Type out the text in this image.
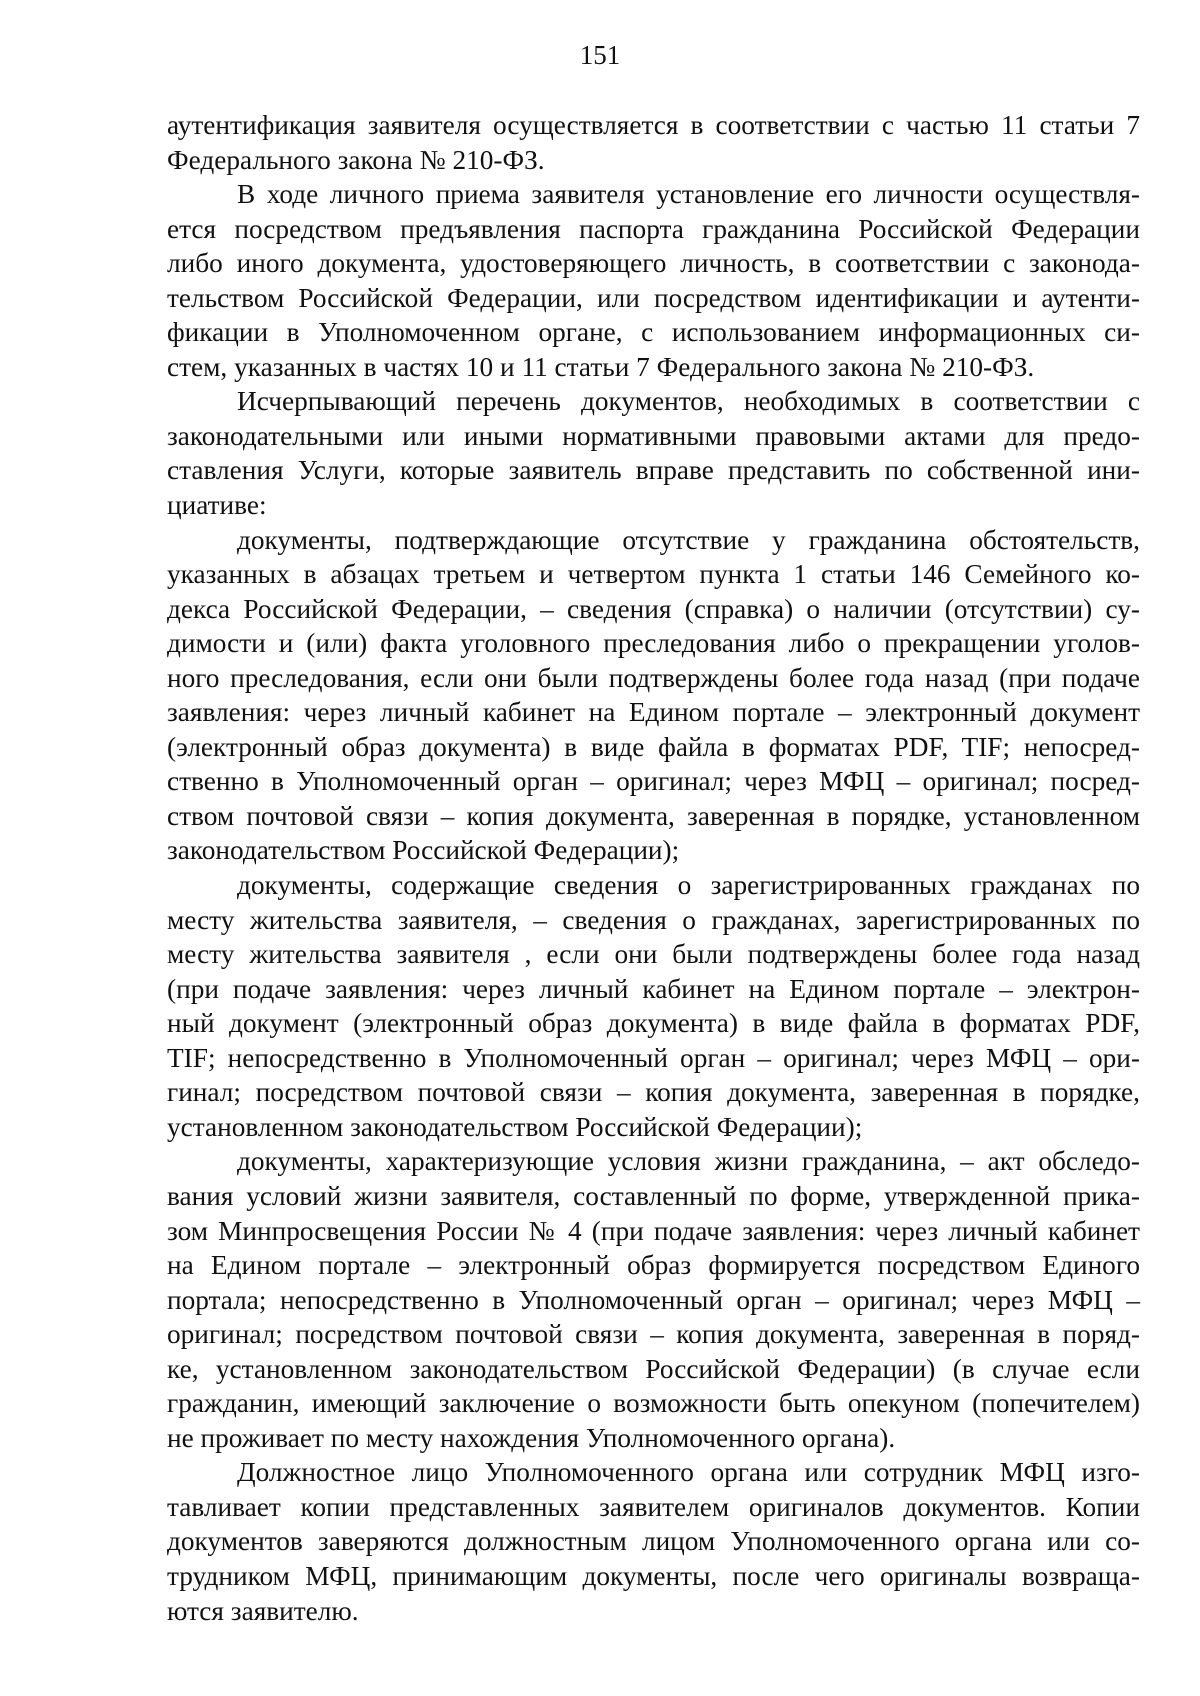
151

аутентификация заявителя осуществляется в соответствии с частью 11 статьи 7
Федерального закона № 210-ФЗ.

В ходе личного приема заявителя установление его личности осуществля-
ется посредством предъявления паспорта гражданина Российской Федерации
либо иного документа, удостоверяющего личность, в соответствии с законода-
тельством Российской Федерации, или посредством идентификации и аутенти-
фикации в Уполномоченном органе, с использованием информационных си-
стем, указанных в частях 10 и 11 статьи 7 Федерального закона № 210-ФЗ.

Исчерпывающий перечень документов, необходимых в соответствии с
законодательными или иными нормативными правовыми актами для предо-
ставления Услуги, которые заявитель вправе представить по собственной ини-
циативе:

документы, подтверждающие отсутствие у гражданина обстоятельств,
указанных в абзацах третьем и четвертом пункта 1 статьи 146 Семейного ко-
декса Российской Федерации, – сведения (справка) о наличии (отсутствии) су-
димости и (или) факта уголовного преследования либо о прекращении уголов-
ного преследования, если они были подтверждены более года назад (при подаче
заявления: через личный кабинет на Едином портале – электронный документ
(электронный образ документа) в виде файла в форматах PDF, TIF; непосред-
ственно в Уполномоченный орган – оригинал; через МФЦ – оригинал; посред-
ством почтовой связи – копия документа, заверенная в порядке, установленном
законодательством Российской Федерации);

документы, содержащие сведения о зарегистрированных гражданах по
месту жительства заявителя, – сведения о гражданах, зарегистрированных по
месту жительства заявителя , если они были подтверждены более года назад
(при подаче заявления: через личный кабинет на Едином портале – электрон-
ный документ (электронный образ документа) в виде файла в форматах PDF,
TIF; непосредственно в Уполномоченный орган – оригинал; через МФЦ – ори-
гинал; посредством почтовой связи – копия документа, заверенная в порядке,
установленном законодательством Российской Федерации);

документы, характеризующие условия жизни гражданина, – акт обследо-
вания условий жизни заявителя, составленный по форме, утвержденной прика-
зом Минпросвещения России № 4 (при подаче заявления: через личный кабинет
на Едином портале – электронный образ формируется посредством Единого
портала; непосредственно в Уполномоченный орган – оригинал; через МФЦ –
оригинал; посредством почтовой связи – копия документа, заверенная в поряд-
ке, установленном законодательством Российской Федерации) (в случае если
гражданин, имеющий заключение о возможности быть опекуном (попечителем)
не проживает по месту нахождения Уполномоченного органа).

Должностное лицо Уполномоченного органа или сотрудник МФЦ изго-
тавливает копии представленных заявителем оригиналов документов. Копии
документов заверяются должностным лицом Уполномоченного органа или со-
трудником МФЦ, принимающим документы, после чего оригиналы возвраща-
ются заявителю.
